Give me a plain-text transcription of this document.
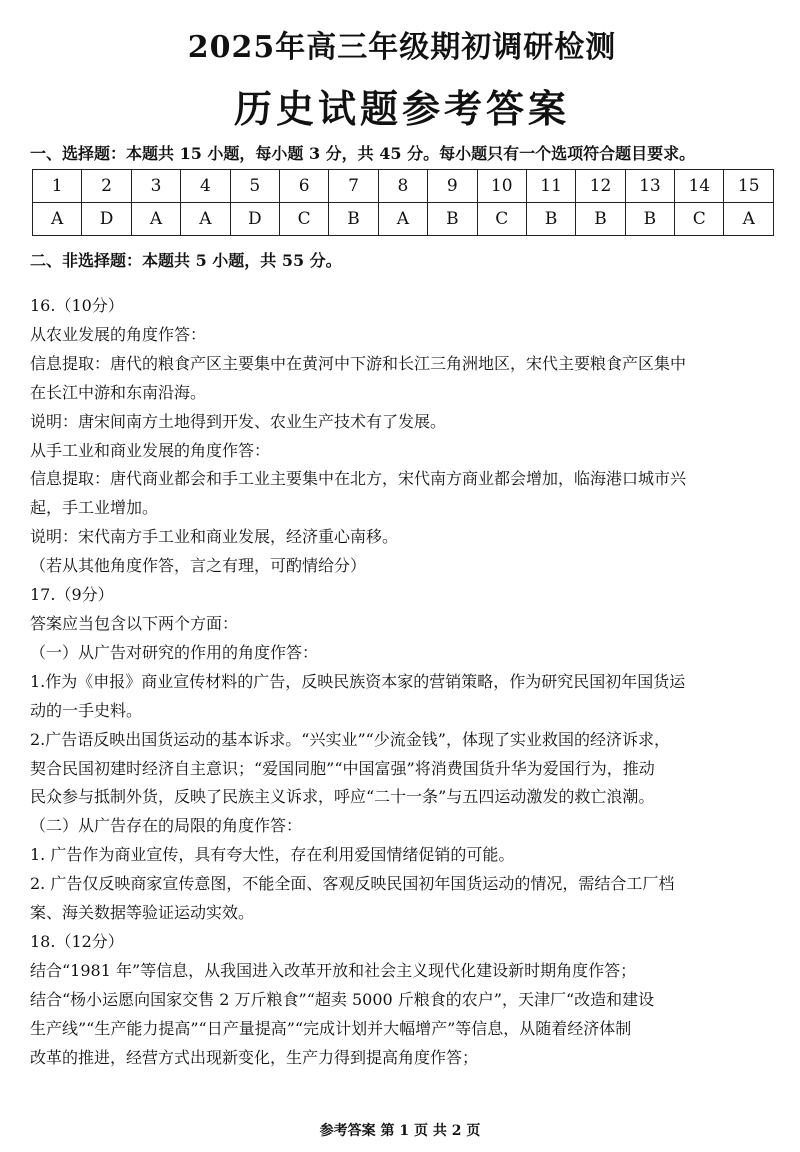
2025年高三年级期初调研检测
历史试题参考答案

一、选择题：本题共 15 小题，每小题 3 分，共 45 分。每小题只有一个选项符合题目要求。

1	2	3	4	5	6	7	8	9	10	11	12	13	14	15
A	D	A	A	D	C	B	A	B	C	B	B	B	C	A

二、非选择题：本题共 5 小题，共 55 分。

16.（10分）

从农业发展的角度作答：

信息提取：唐代的粮食产区主要集中在黄河中下游和长江三角洲地区，宋代主要粮食产区集中

在长江中游和东南沿海。

说明：唐宋间南方土地得到开发、农业生产技术有了发展。

从手工业和商业发展的角度作答：

信息提取：唐代商业都会和手工业主要集中在北方，宋代南方商业都会增加，临海港口城市兴

起，手工业增加。

说明：宋代南方手工业和商业发展，经济重心南移。

（若从其他角度作答，言之有理，可酌情给分）

17.（9分）

答案应当包含以下两个方面：

（一）从广告对研究的作用的角度作答：

1.作为《申报》商业宣传材料的广告，反映民族资本家的营销策略，作为研究民国初年国货运

动的一手史料。

2.广告语反映出国货运动的基本诉求。“兴实业”“少流金钱”，体现了实业救国的经济诉求，

契合民国初建时经济自主意识；“爱国同胞”“中国富强”将消费国货升华为爱国行为，推动

民众参与抵制外货，反映了民族主义诉求，呼应“二十一条”与五四运动激发的救亡浪潮。

（二）从广告存在的局限的角度作答：

1. 广告作为商业宣传，具有夸大性，存在利用爱国情绪促销的可能。

2. 广告仅反映商家宣传意图，不能全面、客观反映民国初年国货运动的情况，需结合工厂档

案、海关数据等验证运动实效。

18.（12分）

结合“1981 年”等信息，从我国进入改革开放和社会主义现代化建设新时期角度作答；

结合“杨小运愿向国家交售 2 万斤粮食”“超卖 5000 斤粮食的农户”，天津厂“改造和建设

生产线”“生产能力提高”“日产量提高”“完成计划并大幅增产”等信息，从随着经济体制

改革的推进，经营方式出现新变化，生产力得到提高角度作答；

参考答案 第 1 页 共 2 页
